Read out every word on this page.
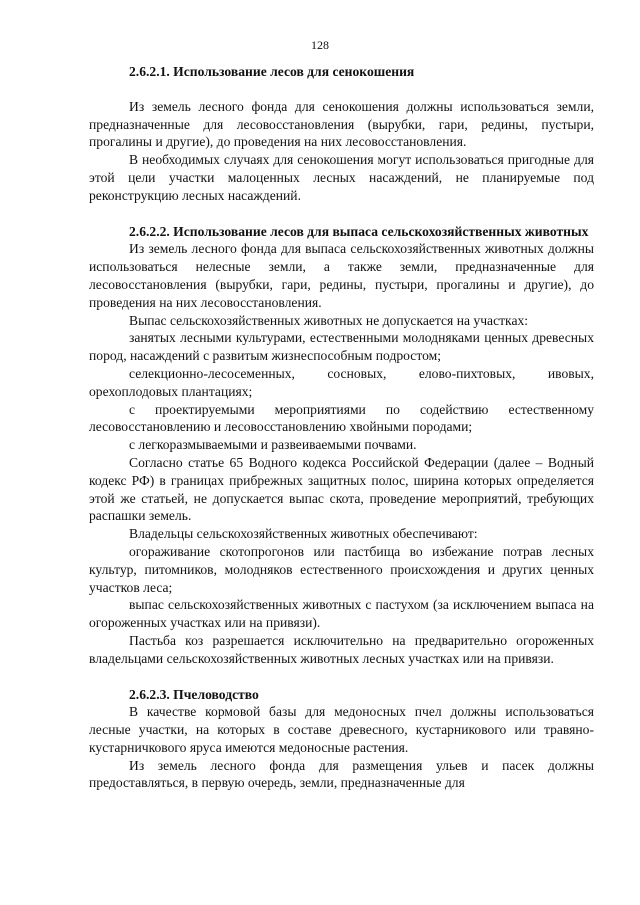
128

2.6.2.1. Использование лесов для сенокошения

Из земель лесного фонда для сенокошения должны использоваться земли, предназначенные для лесовосстановления (вырубки, гари, редины, пустыри, прогалины и другие), до проведения на них лесовосстановления.

В необходимых случаях для сенокошения могут использоваться пригодные для этой цели участки малоценных лесных насаждений, не планируемые под реконструкцию лесных насаждений.

2.6.2.2. Использование лесов для выпаса сельскохозяйственных животных

Из земель лесного фонда для выпаса сельскохозяйственных животных должны использоваться нелесные земли, а также земли, предназначенные для лесовосстановления (вырубки, гари, редины, пустыри, прогалины и другие), до проведения на них лесовосстановления.

Выпас сельскохозяйственных животных не допускается на участках:

занятых лесными культурами, естественными молодняками ценных древесных пород, насаждений с развитым жизнеспособным подростом;

селекционно-лесосеменных, сосновых, елово-пихтовых, ивовых, орехоплодовых плантациях;

с проектируемыми мероприятиями по содействию естественному лесовосстановлению и лесовосстановлению хвойными породами;

с легкоразмываемыми и развеиваемыми почвами.

Согласно статье 65 Водного кодекса Российской Федерации (далее – Водный кодекс РФ) в границах прибрежных защитных полос, ширина которых определяется этой же статьей, не допускается выпас скота, проведение мероприятий, требующих распашки земель.

Владельцы сельскохозяйственных животных обеспечивают:

огораживание скотопрогонов или пастбища во избежание потрав лесных культур, питомников, молодняков естественного происхождения и других ценных участков леса;

выпас сельскохозяйственных животных с пастухом (за исключением выпаса на огороженных участках или на привязи).

Пастьба коз разрешается исключительно на предварительно огороженных владельцами сельскохозяйственных животных лесных участках или на привязи.

2.6.2.3. Пчеловодство

В качестве кормовой базы для медоносных пчел должны использоваться лесные участки, на которых в составе древесного, кустарникового или травяно-кустарничкового яруса имеются медоносные растения.

Из земель лесного фонда для размещения ульев и пасек должны предоставляться, в первую очередь, земли, предназначенные для
